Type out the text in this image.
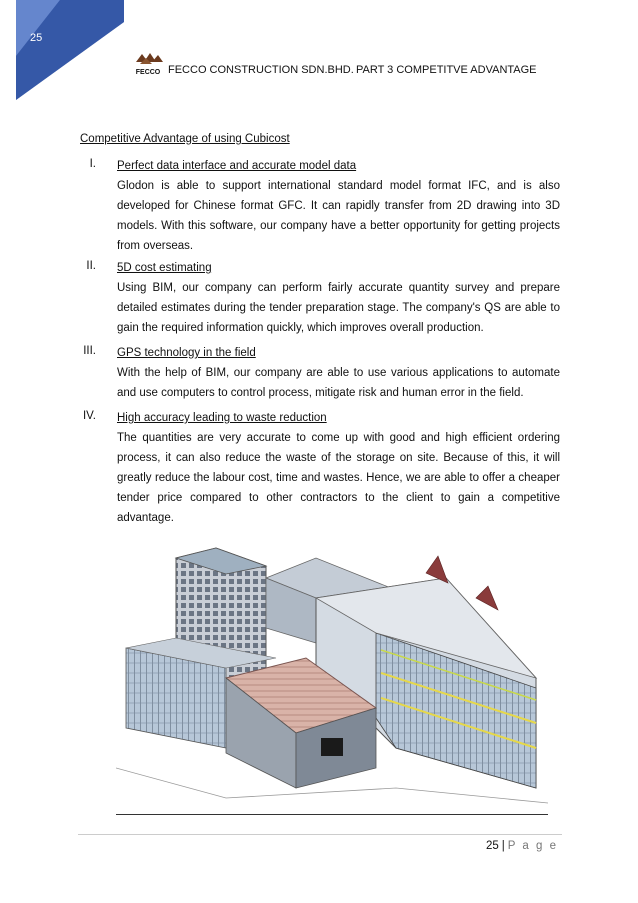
25
FECCO FECCO CONSTRUCTION SDN.BHD. PART 3 COMPETITVE ADVANTAGE
Competitive Advantage of using Cubicost
I. Perfect data interface and accurate model data
Glodon is able to support international standard model format IFC, and is also developed for Chinese format GFC. It can rapidly transfer from 2D drawing into 3D models. With this software, our company have a better opportunity for getting projects from overseas.
II. 5D cost estimating
Using BIM, our company can perform fairly accurate quantity survey and prepare detailed estimates during the tender preparation stage. The company's QS are able to gain the required information quickly, which improves overall production.
III. GPS technology in the field
With the help of BIM, our company are able to use various applications to automate and use computers to control process, mitigate risk and human error in the field.
IV. High accuracy leading to waste reduction
The quantities are very accurate to come up with good and high efficient ordering process, it can also reduce the waste of the storage on site. Because of this, it will greatly reduce the labour cost, time and wastes. Hence, we are able to offer a cheaper tender price compared to other contractors to the client to gain a competitive advantage.
25 | P a g e
